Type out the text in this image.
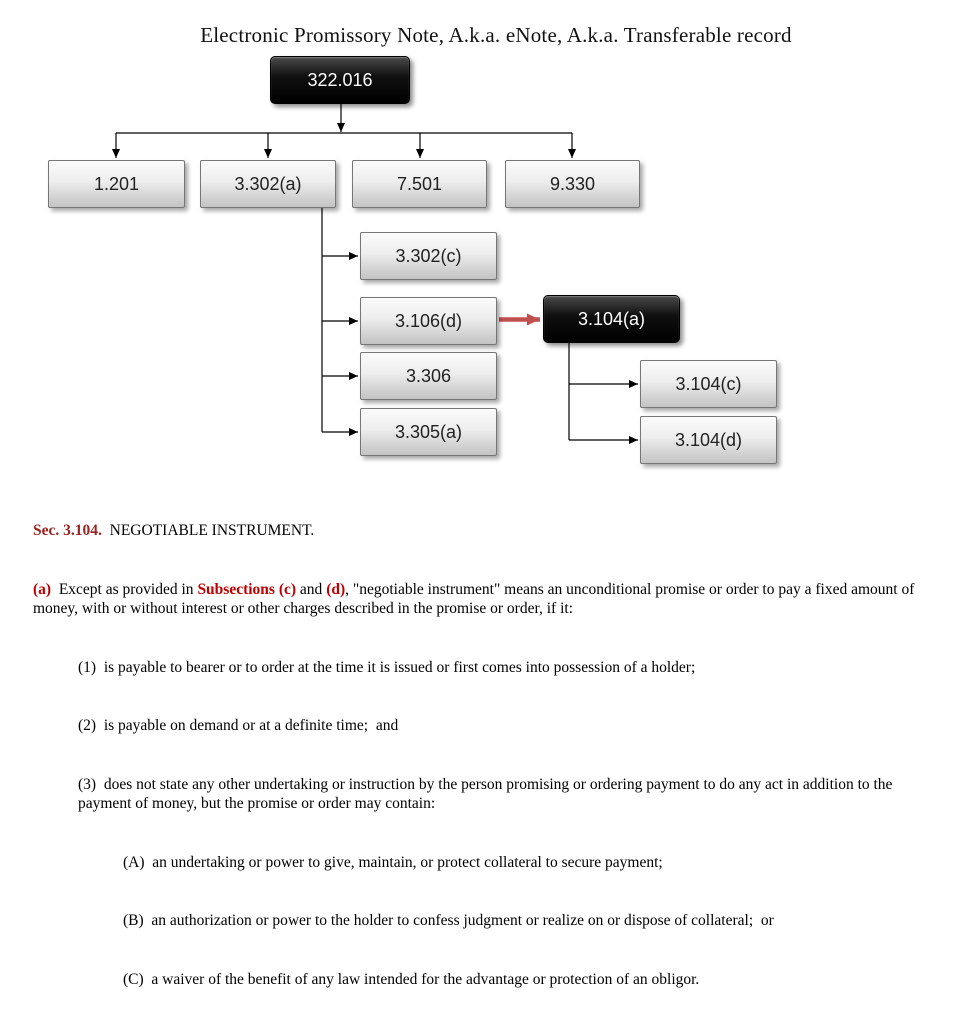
Electronic Promissory Note, A.k.a. eNote, A.k.a. Transferable record
322.016
1.201	3.302(a)	7.501	9.330
3.302(c)
3.106(d)
3.306
3.305(a)
3.104(a)
3.104(c)
3.104(d)

Sec. 3.104.  NEGOTIABLE INSTRUMENT.

(a)  Except as provided in Subsections (c) and (d), "negotiable instrument" means an unconditional promise or order to pay a fixed amount of money, with or without interest or other charges described in the promise or order, if it:

(1)  is payable to bearer or to order at the time it is issued or first comes into possession of a holder;

(2)  is payable on demand or at a definite time;  and

(3)  does not state any other undertaking or instruction by the person promising or ordering payment to do any act in addition to the payment of money, but the promise or order may contain:

(A)  an undertaking or power to give, maintain, or protect collateral to secure payment;

(B)  an authorization or power to the holder to confess judgment or realize on or dispose of collateral;  or

(C)  a waiver of the benefit of any law intended for the advantage or protection of an obligor.
